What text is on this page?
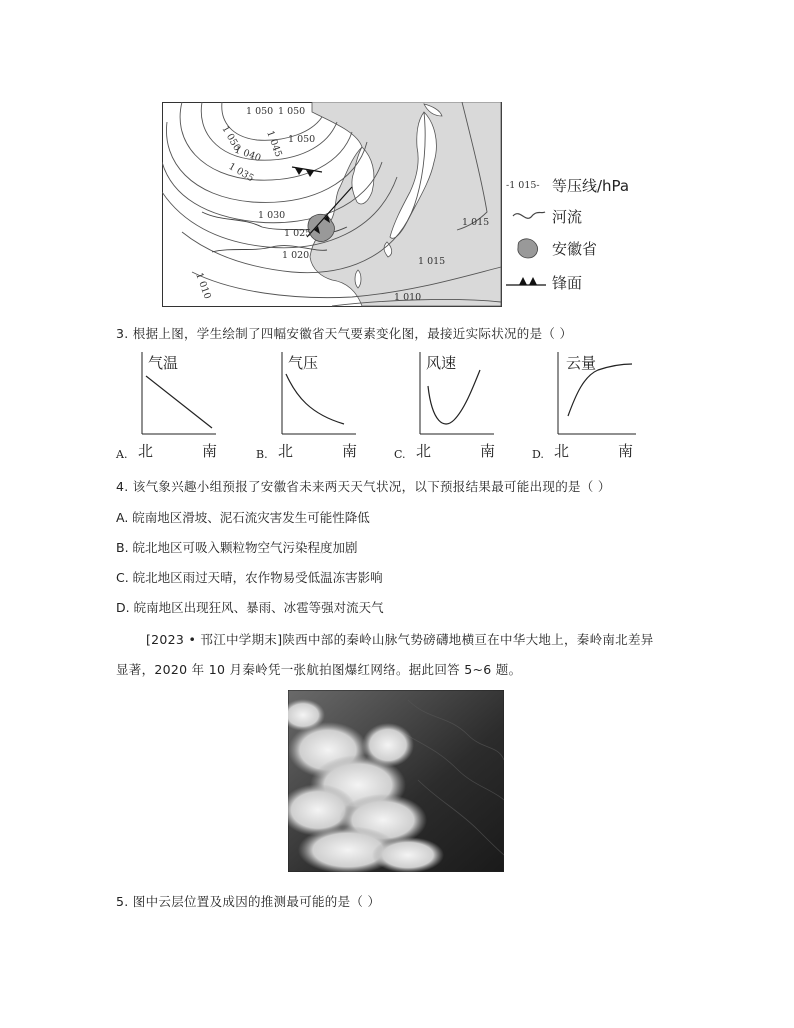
1 050 1 050
1 050
1 050 1 045
1 040
1 035
1 030
1 025
1 020
1 015
1 015
1 010	1 010
-1 015- 等压线/hPa
河流
安徽省
锋面
3. 根据上图，学生绘制了四幅安徽省天气要素变化图，最接近实际状况的是（ ）
气温
A. 北	南
气压
B. 北	南
风速
C. 北	南
云量
D. 北	南
4. 该气象兴趣小组预报了安徽省未来两天天气状况，以下预报结果最可能出现的是（ ）
A. 皖南地区滑坡、泥石流灾害发生可能性降低
B. 皖北地区可吸入颗粒物空气污染程度加剧
C. 皖北地区雨过天晴，农作物易受低温冻害影响
D. 皖南地区出现狂风、暴雨、冰雹等强对流天气
[2023 • 邗江中学期末]陕西中部的秦岭山脉气势磅礴地横亘在中华大地上，秦岭南北差异
显著，2020 年 10 月秦岭凭一张航拍图爆红网络。据此回答 5~6 题。
5. 图中云层位置及成因的推测最可能的是（ ）
